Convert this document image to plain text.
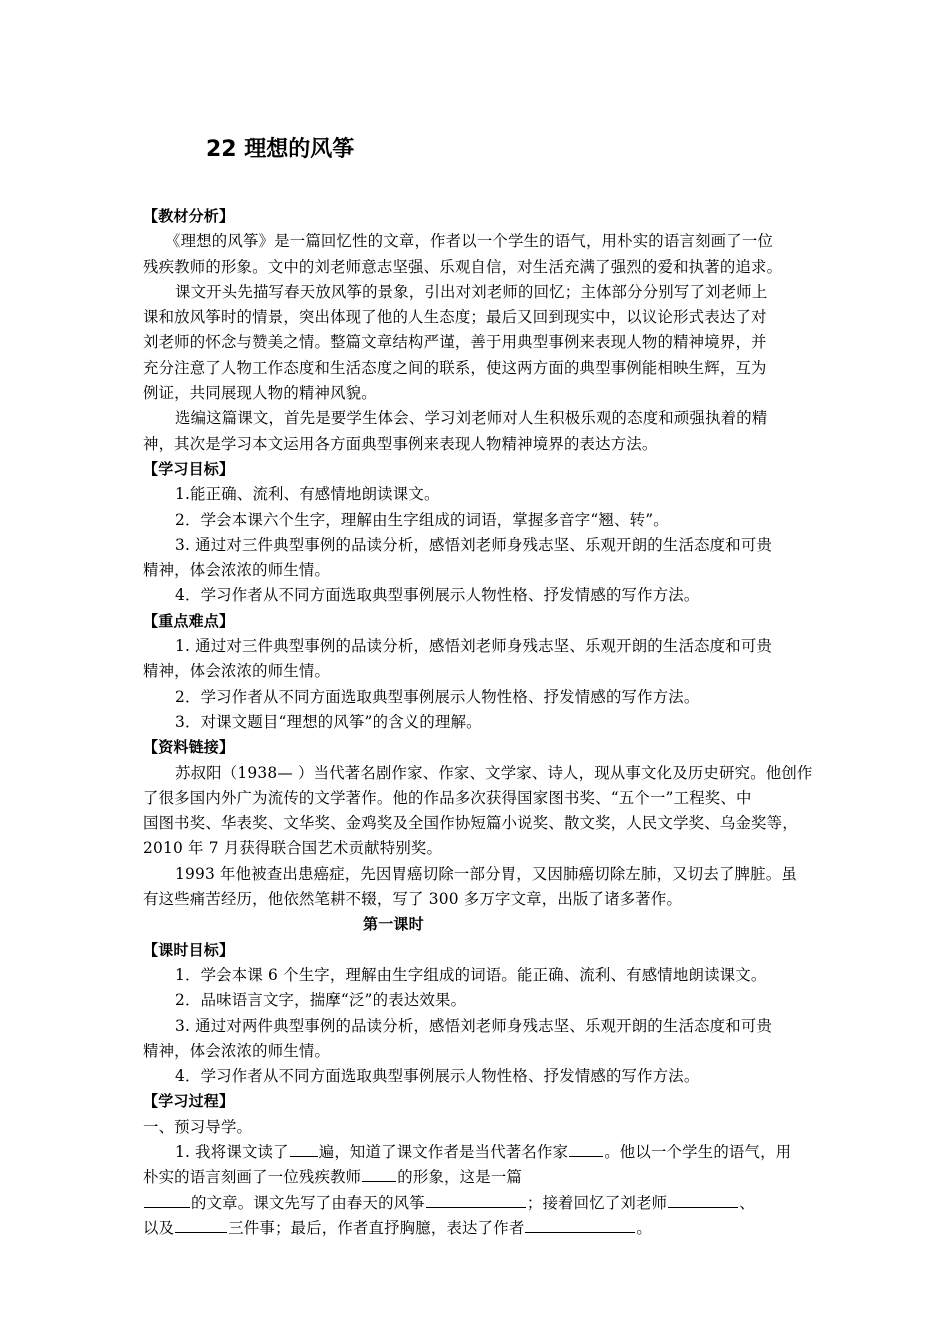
22 理想的风筝
【教材分析】
《理想的风筝》是一篇回忆性的文章，作者以一个学生的语气，用朴实的语言刻画了一位
残疾教师的形象。文中的刘老师意志坚强、乐观自信，对生活充满了强烈的爱和执著的追求。
课文开头先描写春天放风筝的景象，引出对刘老师的回忆；主体部分分别写了刘老师上
课和放风筝时的情景，突出体现了他的人生态度；最后又回到现实中，以议论形式表达了对
刘老师的怀念与赞美之情。整篇文章结构严谨，善于用典型事例来表现人物的精神境界，并
充分注意了人物工作态度和生活态度之间的联系，使这两方面的典型事例能相映生辉，互为
例证，共同展现人物的精神风貌。
选编这篇课文，首先是要学生体会、学习刘老师对人生积极乐观的态度和顽强执着的精
神，其次是学习本文运用各方面典型事例来表现人物精神境界的表达方法。
【学习目标】
1.能正确、流利、有感情地朗读课文。
2．学会本课六个生字，理解由生字组成的词语，掌握多音字“翘、转”。
3. 通过对三件典型事例的品读分析，感悟刘老师身残志坚、乐观开朗的生活态度和可贵
精神，体会浓浓的师生情。
4．学习作者从不同方面选取典型事例展示人物性格、抒发情感的写作方法。
【重点难点】
1. 通过对三件典型事例的品读分析，感悟刘老师身残志坚、乐观开朗的生活态度和可贵
精神，体会浓浓的师生情。
2．学习作者从不同方面选取典型事例展示人物性格、抒发情感的写作方法。
3．对课文题目“理想的风筝”的含义的理解。
【资料链接】
苏叔阳（1938— ）当代著名剧作家、作家、文学家、诗人，现从事文化及历史研究。他创作
了很多国内外广为流传的文学著作。他的作品多次获得国家图书奖、“五个一”工程奖、中
国图书奖、华表奖、文华奖、金鸡奖及全国作协短篇小说奖、散文奖，人民文学奖、乌金奖等，
2010 年 7 月获得联合国艺术贡献特别奖。
1993 年他被查出患癌症，先因胃癌切除一部分胃，又因肺癌切除左肺，又切去了脾脏。虽
有这些痛苦经历，他依然笔耕不辍，写了 300 多万字文章，出版了诸多著作。
第一课时
【课时目标】
1．学会本课 6 个生字，理解由生字组成的词语。能正确、流利、有感情地朗读课文。
2．品味语言文字，揣摩“泛”的表达效果。
3. 通过对两件典型事例的品读分析，感悟刘老师身残志坚、乐观开朗的生活态度和可贵
精神，体会浓浓的师生情。
4．学习作者从不同方面选取典型事例展示人物性格、抒发情感的写作方法。
【学习过程】
一、预习导学。
1. 我将课文读了 遍，知道了课文作者是当代著名作家 。他以一个学生的语气，用
朴实的语言刻画了一位残疾教师 的形象，这是一篇
的文章。课文先写了由春天的风筝	；接着回忆了刘老师	、
以及	三件事；最后，作者直抒胸臆，表达了作者	。
